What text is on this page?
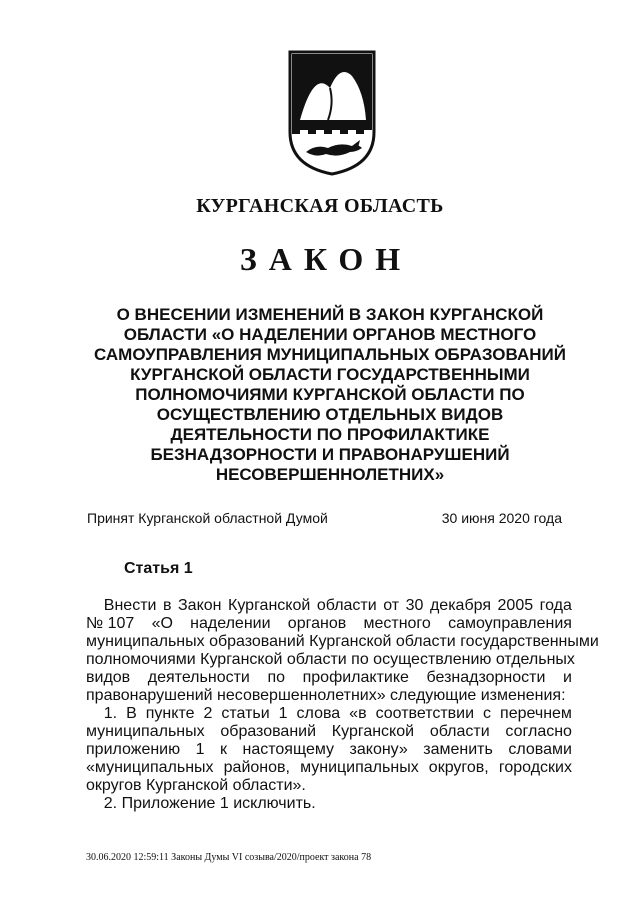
КУРГАНСКАЯ ОБЛАСТЬ
ЗАКОН
О ВНЕСЕНИИ ИЗМЕНЕНИЙ В ЗАКОН КУРГАНСКОЙ
ОБЛАСТИ «О НАДЕЛЕНИИ ОРГАНОВ МЕСТНОГО
САМОУПРАВЛЕНИЯ МУНИЦИПАЛЬНЫХ ОБРАЗОВАНИЙ
КУРГАНСКОЙ ОБЛАСТИ ГОСУДАРСТВЕННЫМИ
ПОЛНОМОЧИЯМИ КУРГАНСКОЙ ОБЛАСТИ ПО
ОСУЩЕСТВЛЕНИЮ ОТДЕЛЬНЫХ ВИДОВ
ДЕЯТЕЛЬНОСТИ ПО ПРОФИЛАКТИКЕ
БЕЗНАДЗОРНОСТИ И ПРАВОНАРУШЕНИЙ
НЕСОВЕРШЕННОЛЕТНИХ»
Принят Курганской областной Думой	30 июня 2020 года
Статья 1
Внести в Закон Курганской области от 30 декабря 2005 года
№ 107 «О наделении органов местного самоуправления
муниципальных образований Курганской области государственными
полномочиями Курганской области по осуществлению отдельных
видов деятельности по профилактике безнадзорности и
правонарушений несовершеннолетних» следующие изменения:
1. В пункте 2 статьи 1 слова «в соответствии с перечнем
муниципальных образований Курганской области согласно
приложению 1 к настоящему закону» заменить словами
«муниципальных районов, муниципальных округов, городских
округов Курганской области».
2. Приложение 1 исключить.
30.06.2020 12:59:11 Законы Думы VI созыва/2020/проект закона 78
